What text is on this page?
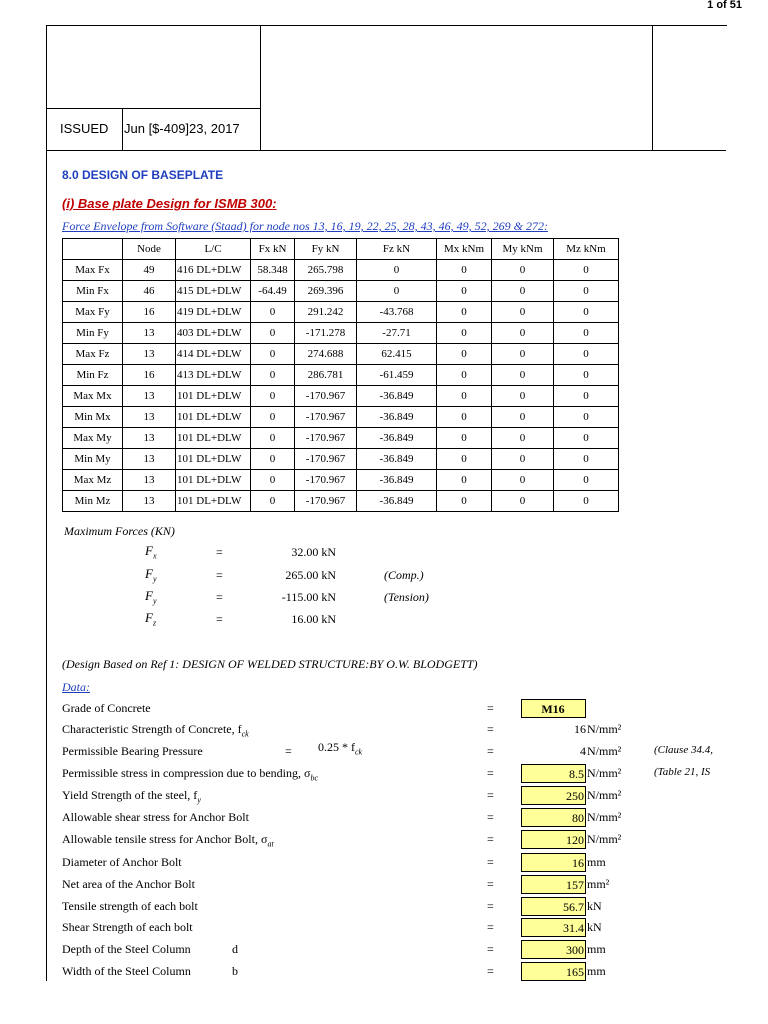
1 of 51
ISSUED Jun [$-409]23, 2017
8.0 DESIGN OF BASEPLATE
(i) Base plate Design for ISMB 300:
Force Envelope from Software (Staad) for node nos 13, 16, 19, 22, 25, 28, 43, 46, 49, 52, 269 & 272:
	Node	L/C	Fx kN	Fy kN	Fz kN	Mx kNm	My kNm	Mz kNm
Max Fx	49	416 DL+DLW	58.348	265.798	0	0	0	0
Min Fx	46	415 DL+DLW	-64.49	269.396	0	0	0	0
Max Fy	16	419 DL+DLW	0	291.242	-43.768	0	0	0
Min Fy	13	403 DL+DLW	0	-171.278	-27.71	0	0	0
Max Fz	13	414 DL+DLW	0	274.688	62.415	0	0	0
Min Fz	16	413 DL+DLW	0	286.781	-61.459	0	0	0
Max Mx	13	101 DL+DLW	0	-170.967	-36.849	0	0	0
Min Mx	13	101 DL+DLW	0	-170.967	-36.849	0	0	0
Max My	13	101 DL+DLW	0	-170.967	-36.849	0	0	0
Min My	13	101 DL+DLW	0	-170.967	-36.849	0	0	0
Max Mz	13	101 DL+DLW	0	-170.967	-36.849	0	0	0
Min Mz	13	101 DL+DLW	0	-170.967	-36.849	0	0	0
Maximum Forces (KN)
$F_x$	=	32.00 kN
$F_y$	=	265.00 kN	(Comp.)
$F_y$	=	-115.00 kN	(Tension)
$F_z$	=	16.00 kN
(Design Based on Ref 1: DESIGN OF WELDED STRUCTURE:BY O.W. BLODGETT)
Data:
Grade of Concrete	=	M16
Characteristic Strength of Concrete, $f_{ck}$	=	16 N/mm²
Permissible Bearing Pressure	= $0.25 * f_{ck}$	=	4 N/mm²	(Clause 34.4,
Permissible stress in compression due to bending, $\sigma_{bc}$	=	8.5 N/mm²	(Table 21, IS
Yield Strength of the steel, $f_y$	=	250 N/mm²
Allowable shear stress for Anchor Bolt	=	80 N/mm²
Allowable tensile stress for Anchor Bolt, $\sigma_{at}$	=	120 N/mm²
Diameter of Anchor Bolt	=	16 mm
Net area of the Anchor Bolt	=	157 mm²
Tensile strength of each bolt	=	56.7 kN
Shear Strength of each bolt	=	31.4 kN
Depth of the Steel Column	d	=	300 mm
Width of the Steel Column	b	=	165 mm
